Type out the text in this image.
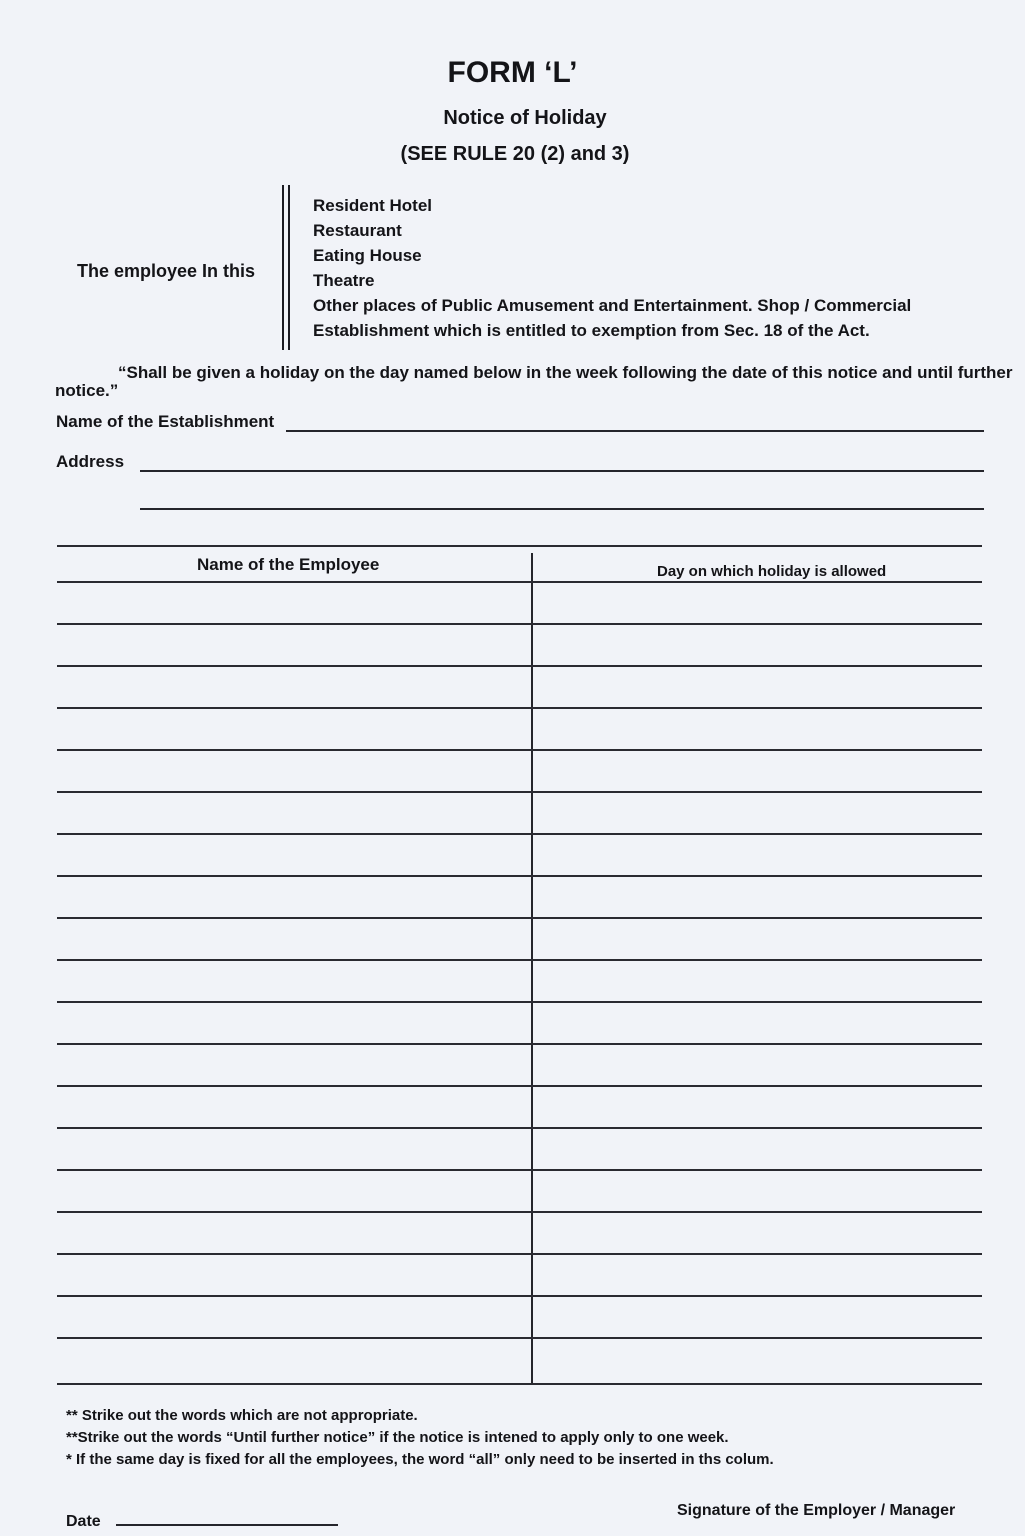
FORM ‘L’
Notice of Holiday
(SEE RULE 20 (2) and 3)
The employee In this
Resident Hotel
Restaurant
Eating House
Theatre
Other places of Public Amusement and Entertainment. Shop / Commercial
Establishment which is entitled to exemption from Sec. 18 of the Act.
“Shall be given a holiday on the day named below in the week following the date of this notice and until further
notice.”
Name of the Establishment
Address
Name of the Employee	Day on which holiday is allowed
** Strike out the words which are not appropriate.
**Strike out the words “Until further notice” if the notice is intened to apply only to one week.
* If the same day is fixed for all the employees, the word “all” only need to be inserted in ths colum.
Date
Signature of the Employer / Manager
